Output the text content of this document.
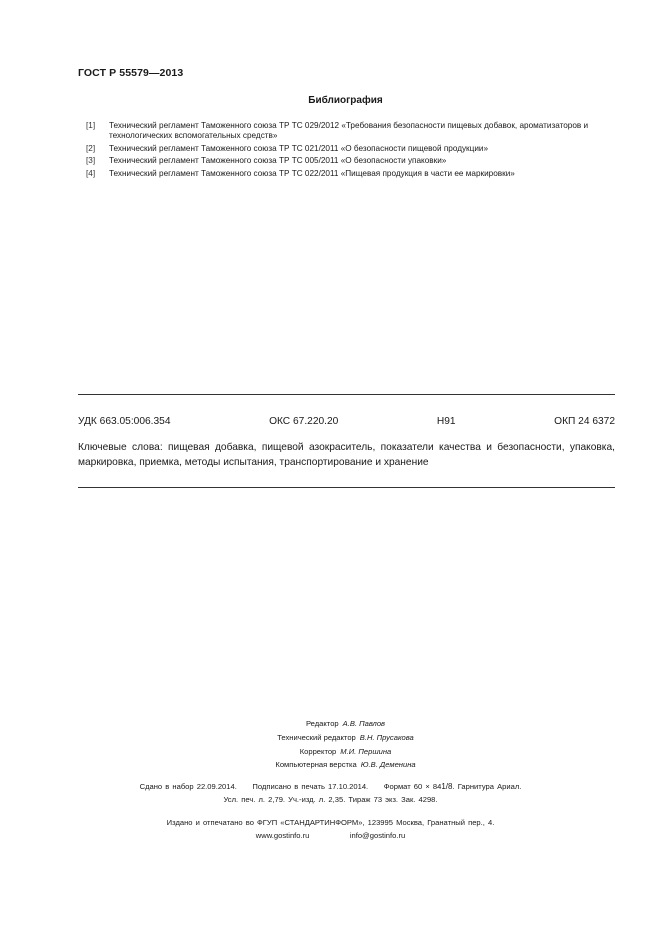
ГОСТ Р 55579—2013
Библиография
[1]	Технический регламент Таможенного союза ТР ТС 029/2012 «Требования безопасности пищевых добавок, ароматизаторов и технологических вспомогательных средств»
[2]	Технический регламент Таможенного союза ТР ТС 021/2011 «О безопасности пищевой продукции»
[3]	Технический регламент Таможенного союза ТР ТС 005/2011 «О безопасности упаковки»
[4]	Технический регламент Таможенного союза ТР ТС 022/2011 «Пищевая продукция в части ее маркировки»
УДК 663.05:006.354	ОКС 67.220.20	Н91	ОКП 24 6372
Ключевые слова: пищевая добавка, пищевой азокраситель, показатели качества и безопасности, упаковка, маркировка, приемка, методы испытания, транспортирование и хранение
Редактор А.В. Павлов
Технический редактор В.Н. Прусакова
Корректор М.И. Першина
Компьютерная верстка Ю.В. Деменина
Сдано в набор 22.09.2014. Подписано в печать 17.10.2014. Формат 60 × 841/8. Гарнитура Ариал.
Усл. печ. л. 2,79. Уч.-изд. л. 2,35. Тираж 73 экз. Зак. 4298.
Издано и отпечатано во ФГУП «СТАНДАРТИНФОРМ», 123995 Москва, Гранатный пер., 4.
www.gostinfo.ru	info@gostinfo.ru
